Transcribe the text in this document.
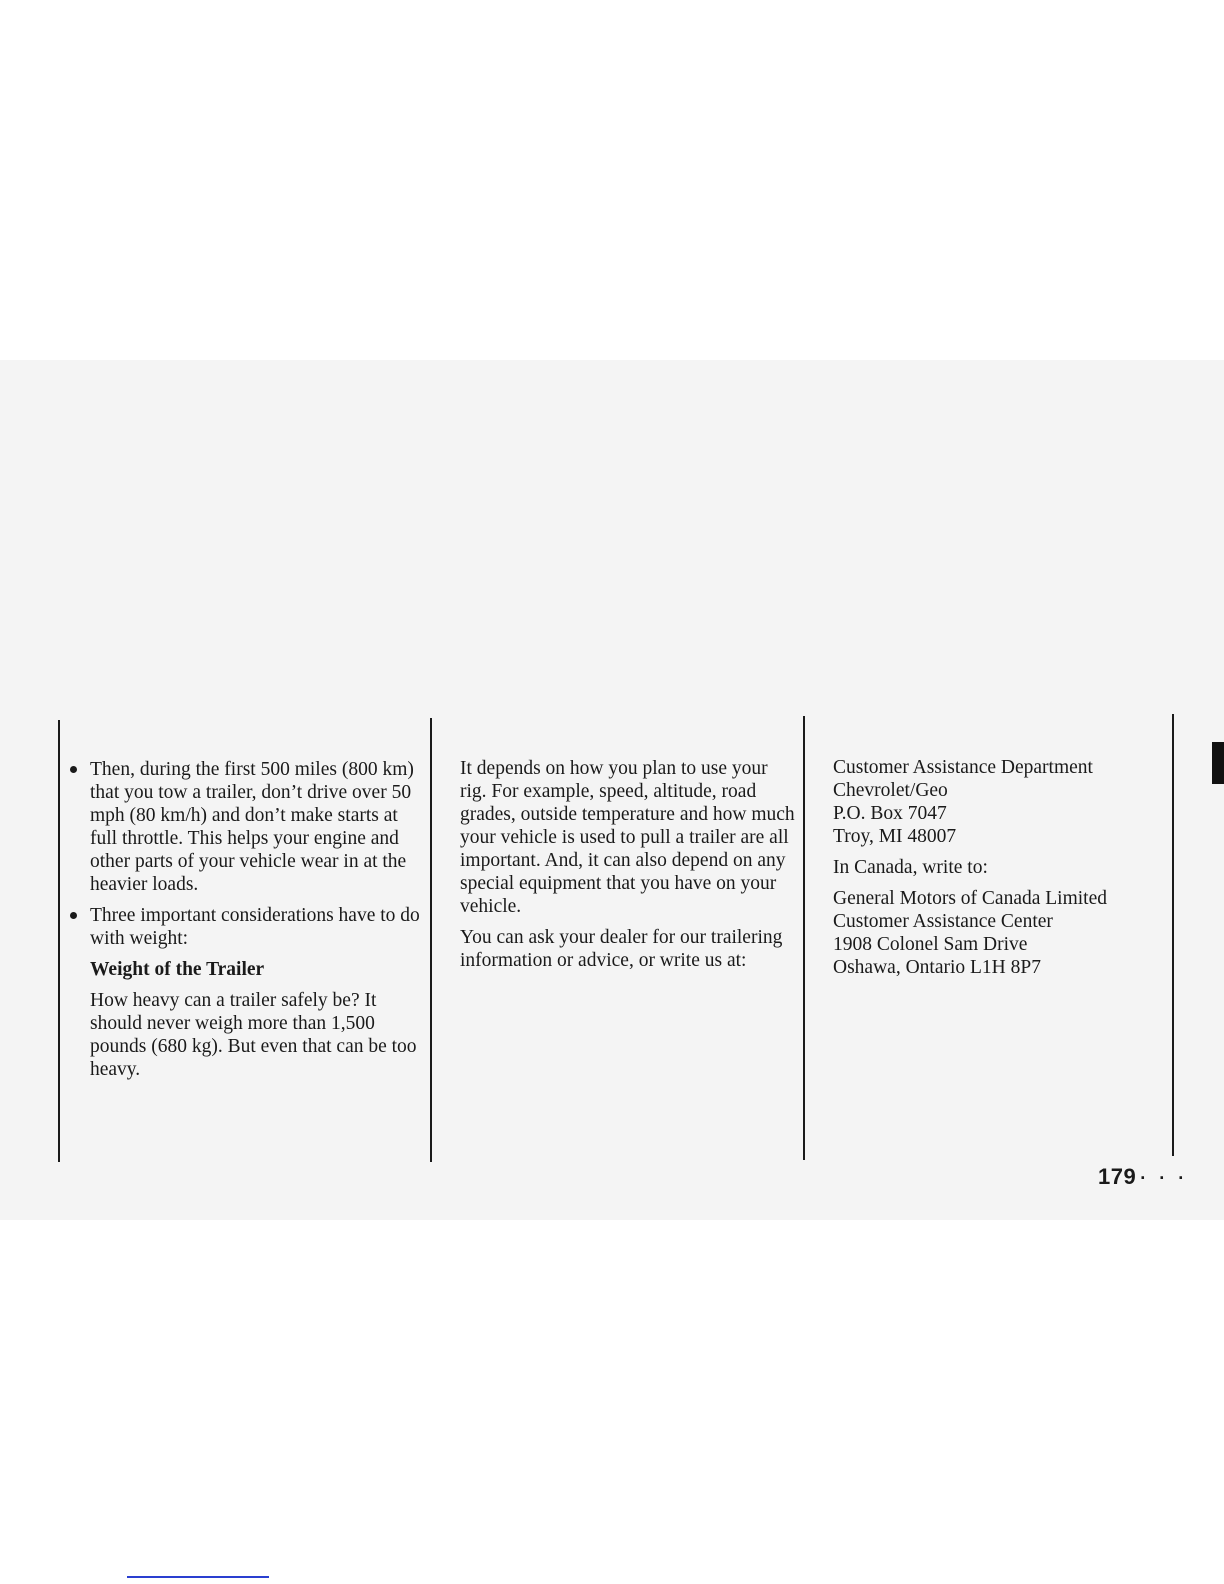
Then, during the first 500 miles (800 km) that you tow a trailer, don’t drive over 50 mph (80 km/h) and don’t make starts at full throttle. This helps your engine and other parts of your vehicle wear in at the heavier loads.
Three important considerations have to do with weight:
Weight of the Trailer
How heavy can a trailer safely be? It should never weigh more than 1,500 pounds (680 kg). But even that can be too heavy.

It depends on how you plan to use your rig. For example, speed, altitude, road grades, outside temperature and how much your vehicle is used to pull a trailer are all important. And, it can also depend on any special equipment that you have on your vehicle.

You can ask your dealer for our trailering information or advice, or write us at:

Customer Assistance Department
Chevrolet/Geo
P.O. Box 7047
Troy, MI 48007

In Canada, write to:

General Motors of Canada Limited
Customer Assistance Center
1908 Colonel Sam Drive
Oshawa, Ontario L1H 8P7

179 · · ·
